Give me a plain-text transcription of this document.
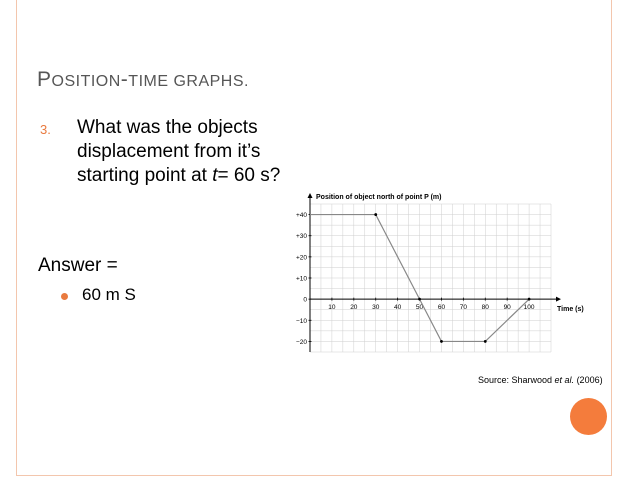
POSITION-TIME GRAPHS.
3. What was the objects displacement from it’s starting point at t= 60 s?
Answer =
60 m S
Position of object north of point P (m)
10 20 30 40 50 60 70 80 90 100
+40
+30
+20
+10
0
−10
−20
Time (s)
Source: Sharwood et al. (2006)
